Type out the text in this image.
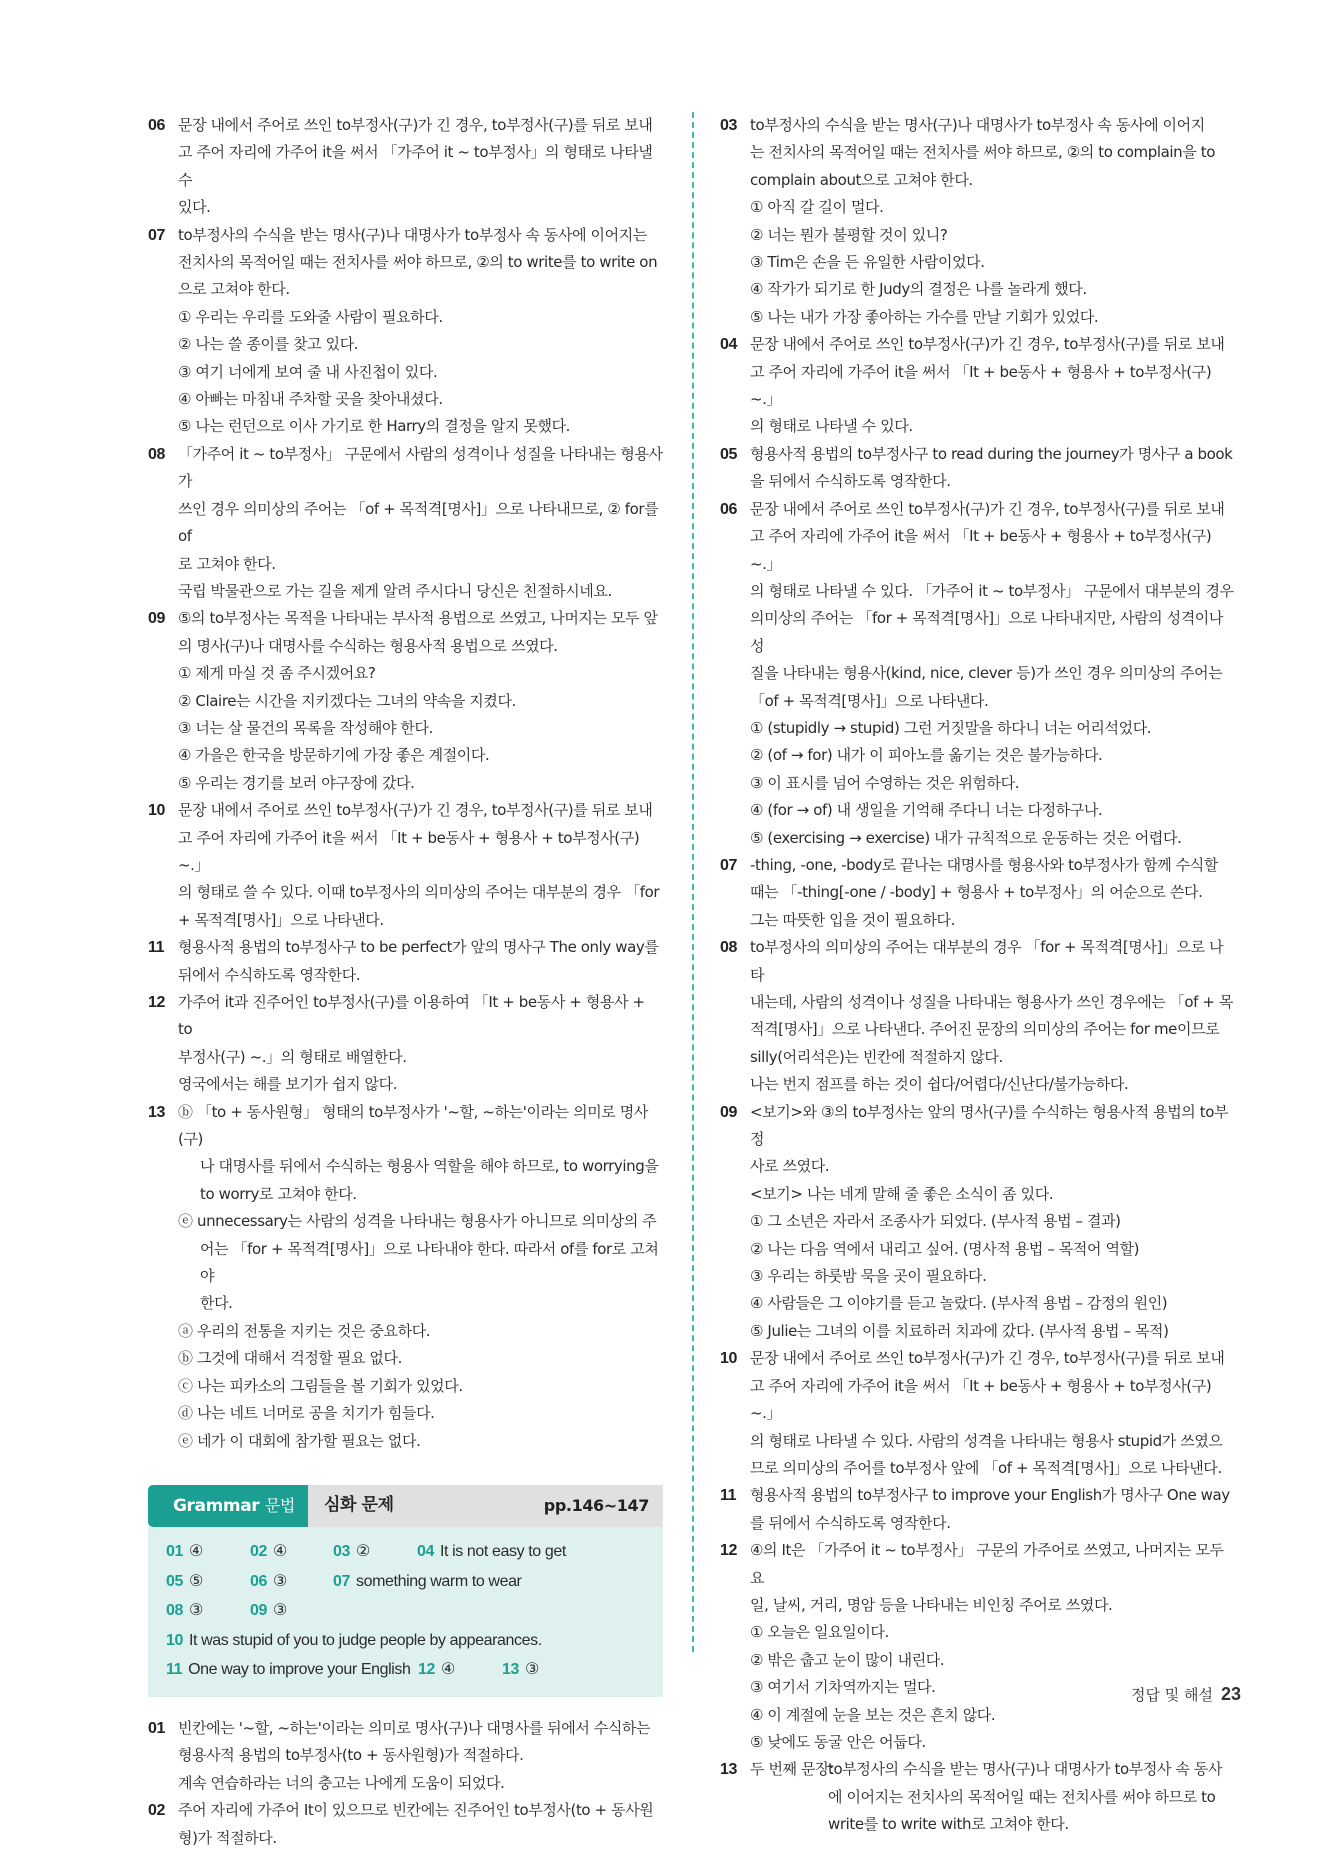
06 문장 내에서 주어로 쓰인 to부정사(구)가 긴 경우, to부정사(구)를 뒤로 보내
고 주어 자리에 가주어 it을 써서 「가주어 it ~ to부정사」의 형태로 나타낼 수
있다.
07 to부정사의 수식을 받는 명사(구)나 대명사가 to부정사 속 동사에 이어지는
전치사의 목적어일 때는 전치사를 써야 하므로, ②의 to write를 to write on
으로 고쳐야 한다.
① 우리는 우리를 도와줄 사람이 필요하다.
② 나는 쓸 종이를 찾고 있다.
③ 여기 너에게 보여 줄 내 사진첩이 있다.
④ 아빠는 마침내 주차할 곳을 찾아내셨다.
⑤ 나는 런던으로 이사 가기로 한 Harry의 결정을 알지 못했다.
08 「가주어 it ~ to부정사」 구문에서 사람의 성격이나 성질을 나타내는 형용사가
쓰인 경우 의미상의 주어는 「of + 목적격[명사]」으로 나타내므로, ② for를 of
로 고쳐야 한다.
국립 박물관으로 가는 길을 제게 알려 주시다니 당신은 친절하시네요.
09 ⑤의 to부정사는 목적을 나타내는 부사적 용법으로 쓰였고, 나머지는 모두 앞
의 명사(구)나 대명사를 수식하는 형용사적 용법으로 쓰였다.
① 제게 마실 것 좀 주시겠어요?
② Claire는 시간을 지키겠다는 그녀의 약속을 지켰다.
③ 너는 살 물건의 목록을 작성해야 한다.
④ 가을은 한국을 방문하기에 가장 좋은 계절이다.
⑤ 우리는 경기를 보러 야구장에 갔다.
10 문장 내에서 주어로 쓰인 to부정사(구)가 긴 경우, to부정사(구)를 뒤로 보내
고 주어 자리에 가주어 it을 써서 「It + be동사 + 형용사 + to부정사(구) ~.」
의 형태로 쓸 수 있다. 이때 to부정사의 의미상의 주어는 대부분의 경우 「for
+ 목적격[명사]」으로 나타낸다.
11 형용사적 용법의 to부정사구 to be perfect가 앞의 명사구 The only way를
뒤에서 수식하도록 영작한다.
12 가주어 it과 진주어인 to부정사(구)를 이용하여 「It + be동사 + 형용사 + to
부정사(구) ~.」의 형태로 배열한다.
영국에서는 해를 보기가 쉽지 않다.
13 ⓑ 「to + 동사원형」 형태의 to부정사가 '~할, ~하는'이라는 의미로 명사(구)
나 대명사를 뒤에서 수식하는 형용사 역할을 해야 하므로, to worrying을
to worry로 고쳐야 한다.
ⓔ unnecessary는 사람의 성격을 나타내는 형용사가 아니므로 의미상의 주
어는 「for + 목적격[명사]」으로 나타내야 한다. 따라서 of를 for로 고쳐야
한다.
ⓐ 우리의 전통을 지키는 것은 중요하다.
ⓑ 그것에 대해서 걱정할 필요 없다.
ⓒ 나는 피카소의 그림들을 볼 기회가 있었다.
ⓓ 나는 네트 너머로 공을 치기가 힘들다.
ⓔ 네가 이 대회에 참가할 필요는 없다.
Grammar 문법	심화 문제	pp.146~147
01 ④	02 ④	03 ②	04 It is not easy to get
05 ⑤	06 ③	07 something warm to wear
08 ③	09 ③
10 It was stupid of you to judge people by appearances.
11 One way to improve your English 12 ④	13 ③
01 빈칸에는 '~할, ~하는'이라는 의미로 명사(구)나 대명사를 뒤에서 수식하는
형용사적 용법의 to부정사(to + 동사원형)가 적절하다.
계속 연습하라는 너의 충고는 나에게 도움이 되었다.
02 주어 자리에 가주어 It이 있으므로 빈칸에는 진주어인 to부정사(to + 동사원
형)가 적절하다.
03 to부정사의 수식을 받는 명사(구)나 대명사가 to부정사 속 동사에 이어지
는 전치사의 목적어일 때는 전치사를 써야 하므로, ②의 to complain을 to
complain about으로 고쳐야 한다.
① 아직 갈 길이 멀다.
② 너는 뭔가 불평할 것이 있니?
③ Tim은 손을 든 유일한 사람이었다.
④ 작가가 되기로 한 Judy의 결정은 나를 놀라게 했다.
⑤ 나는 내가 가장 좋아하는 가수를 만날 기회가 있었다.
04 문장 내에서 주어로 쓰인 to부정사(구)가 긴 경우, to부정사(구)를 뒤로 보내
고 주어 자리에 가주어 it을 써서 「It + be동사 + 형용사 + to부정사(구) ~.」
의 형태로 나타낼 수 있다.
05 형용사적 용법의 to부정사구 to read during the journey가 명사구 a book
을 뒤에서 수식하도록 영작한다.
06 문장 내에서 주어로 쓰인 to부정사(구)가 긴 경우, to부정사(구)를 뒤로 보내
고 주어 자리에 가주어 it을 써서 「It + be동사 + 형용사 + to부정사(구) ~.」
의 형태로 나타낼 수 있다. 「가주어 it ~ to부정사」 구문에서 대부분의 경우
의미상의 주어는 「for + 목적격[명사]」으로 나타내지만, 사람의 성격이나 성
질을 나타내는 형용사(kind, nice, clever 등)가 쓰인 경우 의미상의 주어는
「of + 목적격[명사]」으로 나타낸다.
① (stupidly → stupid) 그런 거짓말을 하다니 너는 어리석었다.
② (of → for) 내가 이 피아노를 옮기는 것은 불가능하다.
③ 이 표시를 넘어 수영하는 것은 위험하다.
④ (for → of) 내 생일을 기억해 주다니 너는 다정하구나.
⑤ (exercising → exercise) 내가 규칙적으로 운동하는 것은 어렵다.
07 -thing, -one, -body로 끝나는 대명사를 형용사와 to부정사가 함께 수식할
때는 「-thing[-one / -body] + 형용사 + to부정사」의 어순으로 쓴다.
그는 따뜻한 입을 것이 필요하다.
08 to부정사의 의미상의 주어는 대부분의 경우 「for + 목적격[명사]」으로 나타
내는데, 사람의 성격이나 성질을 나타내는 형용사가 쓰인 경우에는 「of + 목
적격[명사]」으로 나타낸다. 주어진 문장의 의미상의 주어는 for me이므로
silly(어리석은)는 빈칸에 적절하지 않다.
나는 번지 점프를 하는 것이 쉽다/어렵다/신난다/불가능하다.
09 <보기>와 ③의 to부정사는 앞의 명사(구)를 수식하는 형용사적 용법의 to부정
사로 쓰였다.
<보기> 나는 네게 말해 줄 좋은 소식이 좀 있다.
① 그 소년은 자라서 조종사가 되었다. (부사적 용법 – 결과)
② 나는 다음 역에서 내리고 싶어. (명사적 용법 – 목적어 역할)
③ 우리는 하룻밤 묵을 곳이 필요하다.
④ 사람들은 그 이야기를 듣고 놀랐다. (부사적 용법 – 감정의 원인)
⑤ Julie는 그녀의 이를 치료하러 치과에 갔다. (부사적 용법 – 목적)
10 문장 내에서 주어로 쓰인 to부정사(구)가 긴 경우, to부정사(구)를 뒤로 보내
고 주어 자리에 가주어 it을 써서 「It + be동사 + 형용사 + to부정사(구) ~.」
의 형태로 나타낼 수 있다. 사람의 성격을 나타내는 형용사 stupid가 쓰였으
므로 의미상의 주어를 to부정사 앞에 「of + 목적격[명사]」으로 나타낸다.
11 형용사적 용법의 to부정사구 to improve your English가 명사구 One way
를 뒤에서 수식하도록 영작한다.
12 ④의 It은 「가주어 it ~ to부정사」 구문의 가주어로 쓰였고, 나머지는 모두 요
일, 날씨, 거리, 명암 등을 나타내는 비인칭 주어로 쓰였다.
① 오늘은 일요일이다.
② 밖은 춥고 눈이 많이 내린다.
③ 여기서 기차역까지는 멀다.
④ 이 계절에 눈을 보는 것은 흔치 않다.
⑤ 낮에도 동굴 안은 어둡다.
13 두 번째 문장:
to부정사의 수식을 받는 명사(구)나 대명사가 to부정사 속 동사
에 이어지는 전치사의 목적어일 때는 전치사를 써야 하므로 to
write를 to write with로 고쳐야 한다.
정답 및 해설 23
